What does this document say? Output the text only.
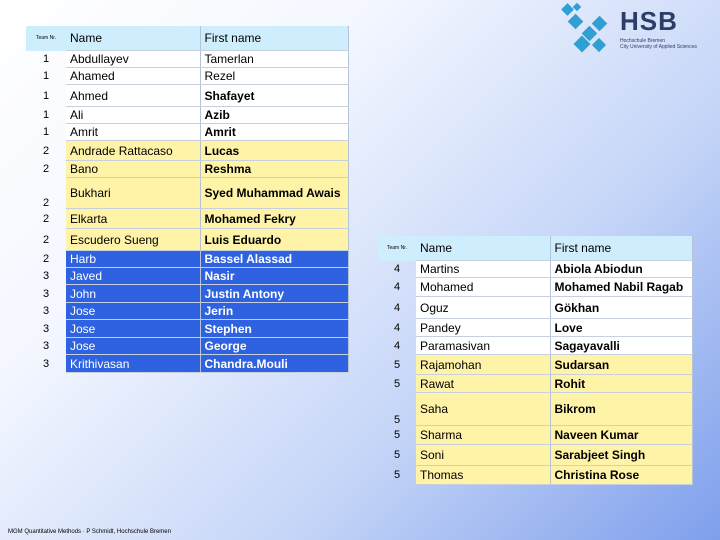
HSB
Hochschule Bremen
City University of Applied Sciences
Team Nr.	Name	First name
1	Abdullayev	Tamerlan
1	Ahamed	Rezel
1	Ahmed	Shafayet
1	Ali	Azib
1	Amrit	Amrit
2	Andrade Rattacaso	Lucas
2	Bano	Reshma
2	Bukhari	Syed Muhammad Awais
2	Elkarta	Mohamed Fekry
2	Escudero Sueng	Luis Eduardo
2	Harb	Bassel Alassad
3	Javed	Nasir
3	John	Justin Antony
3	Jose	Jerin
3	Jose	Stephen
3	Jose	George
3	Krithivasan	Chandra.Mouli
Team Nr.	Name	First name
4	Martins	Abiola Abiodun
4	Mohamed	Mohamed Nabil Ragab
4	Oguz	Gökhan
4	Pandey	Love
4	Paramasivan	Sagayavalli
5	Rajamohan	Sudarsan
5	Rawat	Rohit
5	Saha	Bikrom
5	Sharma	Naveen Kumar
5	Soni	Sarabjeet Singh
5	Thomas	Christina Rose
MGM Quantitative Methods · P Schmidt, Hochschule Bremen
